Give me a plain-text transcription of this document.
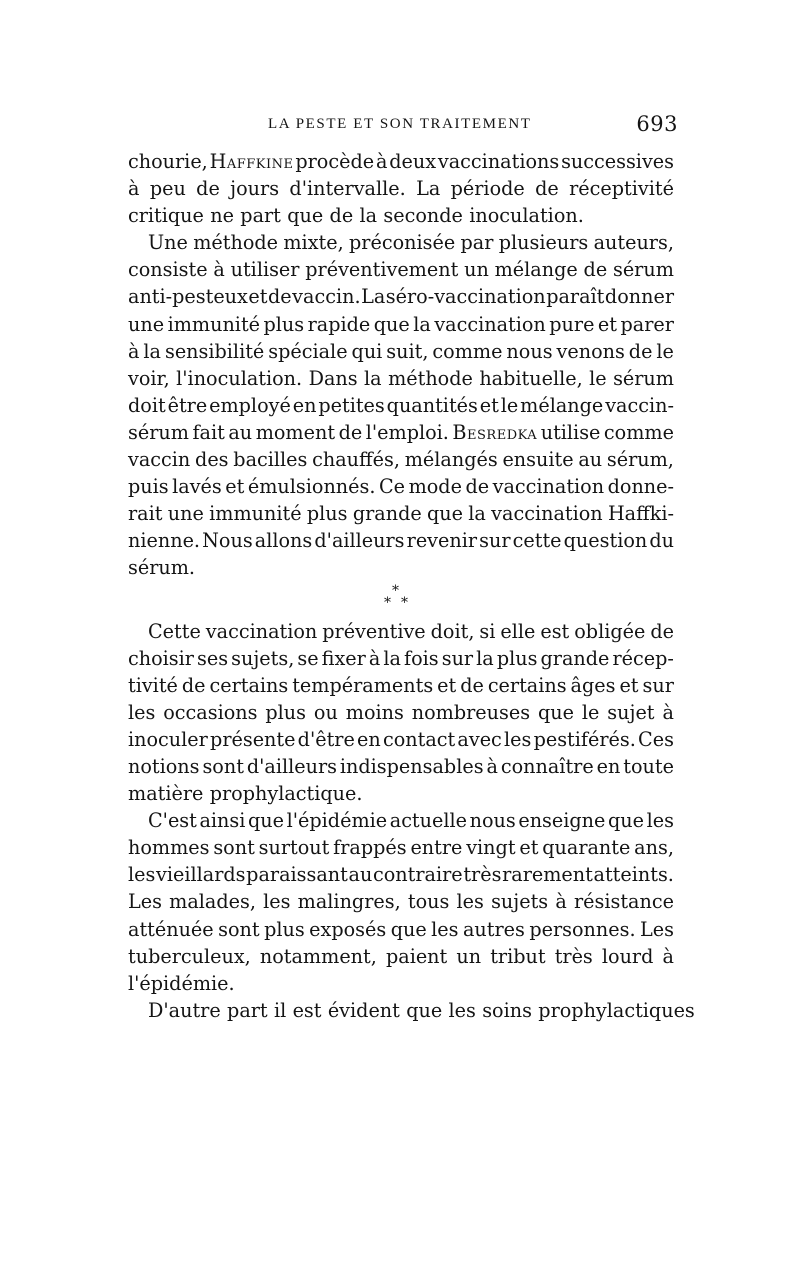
LA PESTE ET SON TRAITEMENT	693
chourie, Haffkine procède à deux vaccinations successives
à peu de jours d'intervalle. La période de réceptivité
critique ne part que de la seconde inoculation.
Une méthode mixte, préconisée par plusieurs auteurs,
consiste à utiliser préventivement un mélange de sérum
anti-pesteux et de vaccin. La séro-vaccination paraît donner
une immunité plus rapide que la vaccination pure et parer
à la sensibilité spéciale qui suit, comme nous venons de le
voir, l'inoculation. Dans la méthode habituelle, le sérum
doit être employé en petites quantités et le mélange vaccin-
sérum fait au moment de l'emploi. Besredka utilise comme
vaccin des bacilles chauffés, mélangés ensuite au sérum,
puis lavés et émulsionnés. Ce mode de vaccination donne-
rait une immunité plus grande que la vaccination Haffki-
nienne. Nous allons d'ailleurs revenir sur cette question du
sérum.
*
* *
Cette vaccination préventive doit, si elle est obligée de
choisir ses sujets, se fixer à la fois sur la plus grande récep-
tivité de certains tempéraments et de certains âges et sur
les occasions plus ou moins nombreuses que le sujet à
inoculer présente d'être en contact avec les pestiférés. Ces
notions sont d'ailleurs indispensables à connaître en toute
matière prophylactique.
C'est ainsi que l'épidémie actuelle nous enseigne que les
hommes sont surtout frappés entre vingt et quarante ans,
les vieillards paraissant au contraire très rarement atteints.
Les malades, les malingres, tous les sujets à résistance
atténuée sont plus exposés que les autres personnes. Les
tuberculeux, notamment, paient un tribut très lourd à
l'épidémie.
D'autre part il est évident que les soins prophylactiques
